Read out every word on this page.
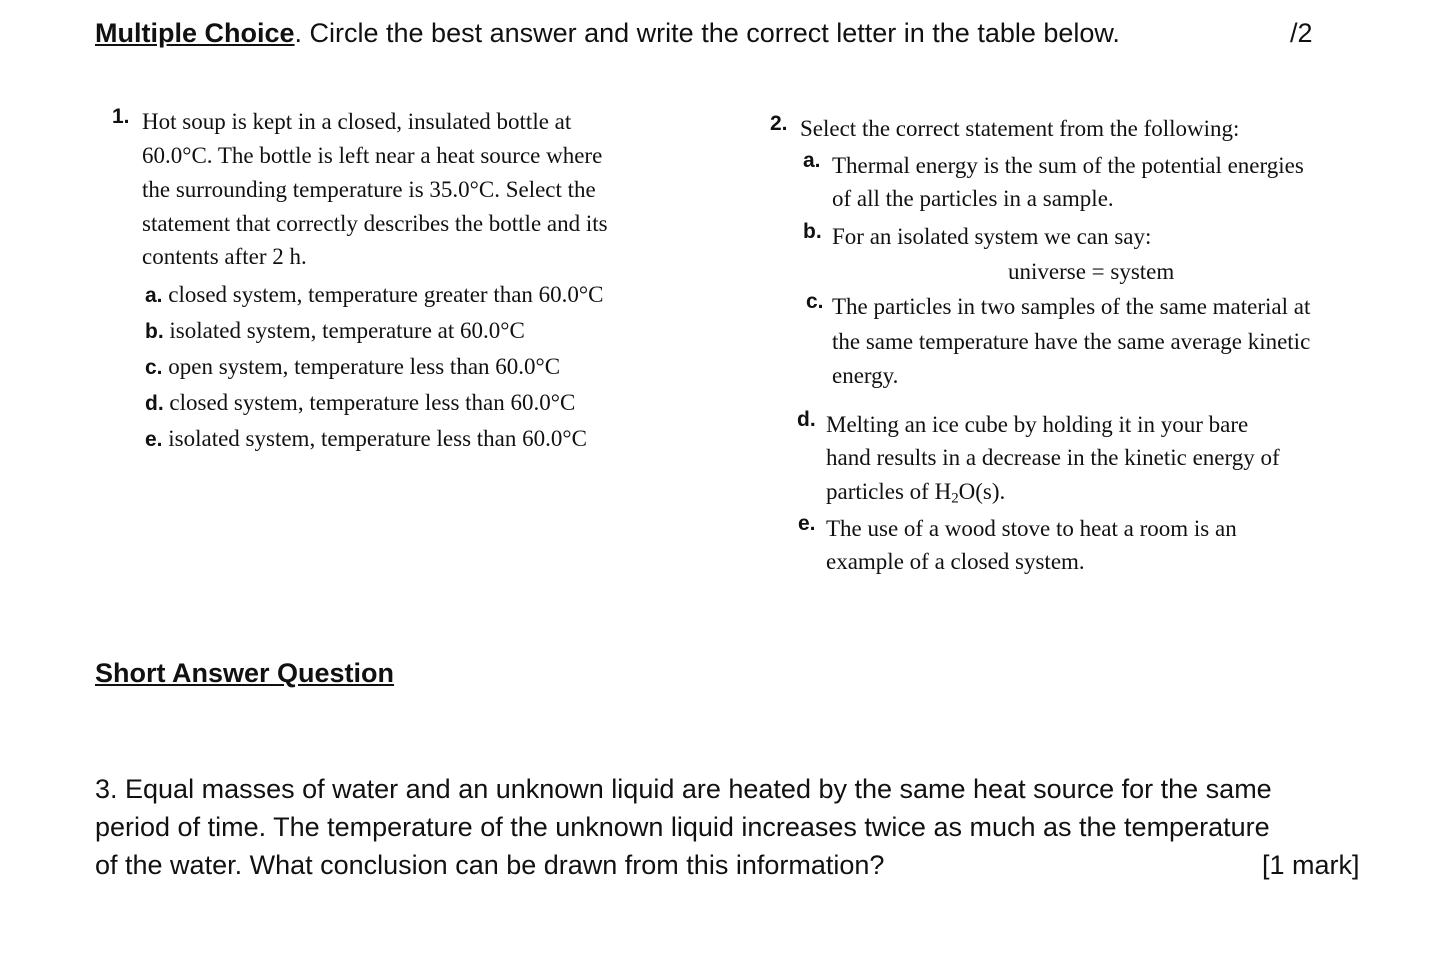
Multiple Choice. Circle the best answer and write the correct letter in the table below.	/2
1. Hot soup is kept in a closed, insulated bottle at
60.0°C. The bottle is left near a heat source where
the surrounding temperature is 35.0°C. Select the
statement that correctly describes the bottle and its
contents after 2 h.
a. closed system, temperature greater than 60.0°C
b. isolated system, temperature at 60.0°C
c. open system, temperature less than 60.0°C
d. closed system, temperature less than 60.0°C
e. isolated system, temperature less than 60.0°C
2. Select the correct statement from the following:
a. Thermal energy is the sum of the potential energies
of all the particles in a sample.
b. For an isolated system we can say:
universe = system
c. The particles in two samples of the same material at
the same temperature have the same average kinetic
energy.
d. Melting an ice cube by holding it in your bare
hand results in a decrease in the kinetic energy of
particles of $H_2O(s)$.
e. The use of a wood stove to heat a room is an
example of a closed system.
Short Answer Question
3. Equal masses of water and an unknown liquid are heated by the same heat source for the same
period of time. The temperature of the unknown liquid increases twice as much as the temperature
of the water. What conclusion can be drawn from this information?	[1 mark]
